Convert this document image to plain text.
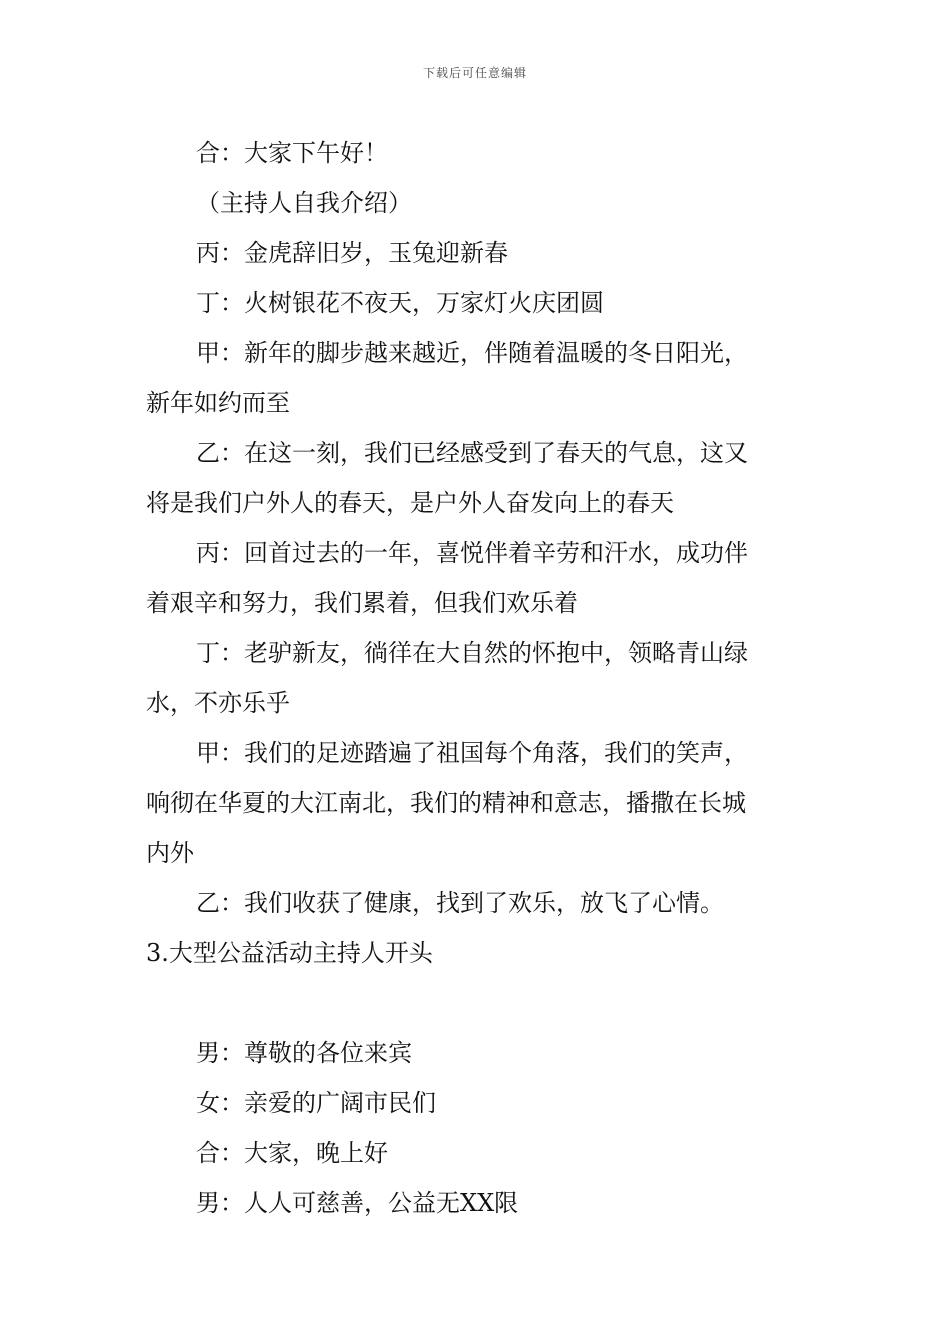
下载后可任意编辑

合：大家下午好！

（主持人自我介绍）

丙：金虎辞旧岁，玉兔迎新春

丁：火树银花不夜天，万家灯火庆团圆

甲：新年的脚步越来越近，伴随着温暖的冬日阳光，

新年如约而至

乙：在这一刻，我们已经感受到了春天的气息，这又

将是我们户外人的春天，是户外人奋发向上的春天

丙：回首过去的一年，喜悦伴着辛劳和汗水，成功伴

着艰辛和努力，我们累着，但我们欢乐着

丁：老驴新友，徜徉在大自然的怀抱中，领略青山绿

水，不亦乐乎

甲：我们的足迹踏遍了祖国每个角落，我们的笑声，

响彻在华夏的大江南北，我们的精神和意志，播撒在长城

内外

乙：我们收获了健康，找到了欢乐，放飞了心情。

3.大型公益活动主持人开头

男：尊敬的各位来宾

女：亲爱的广阔市民们

合：大家，晚上好

男：人人可慈善，公益无XX限
